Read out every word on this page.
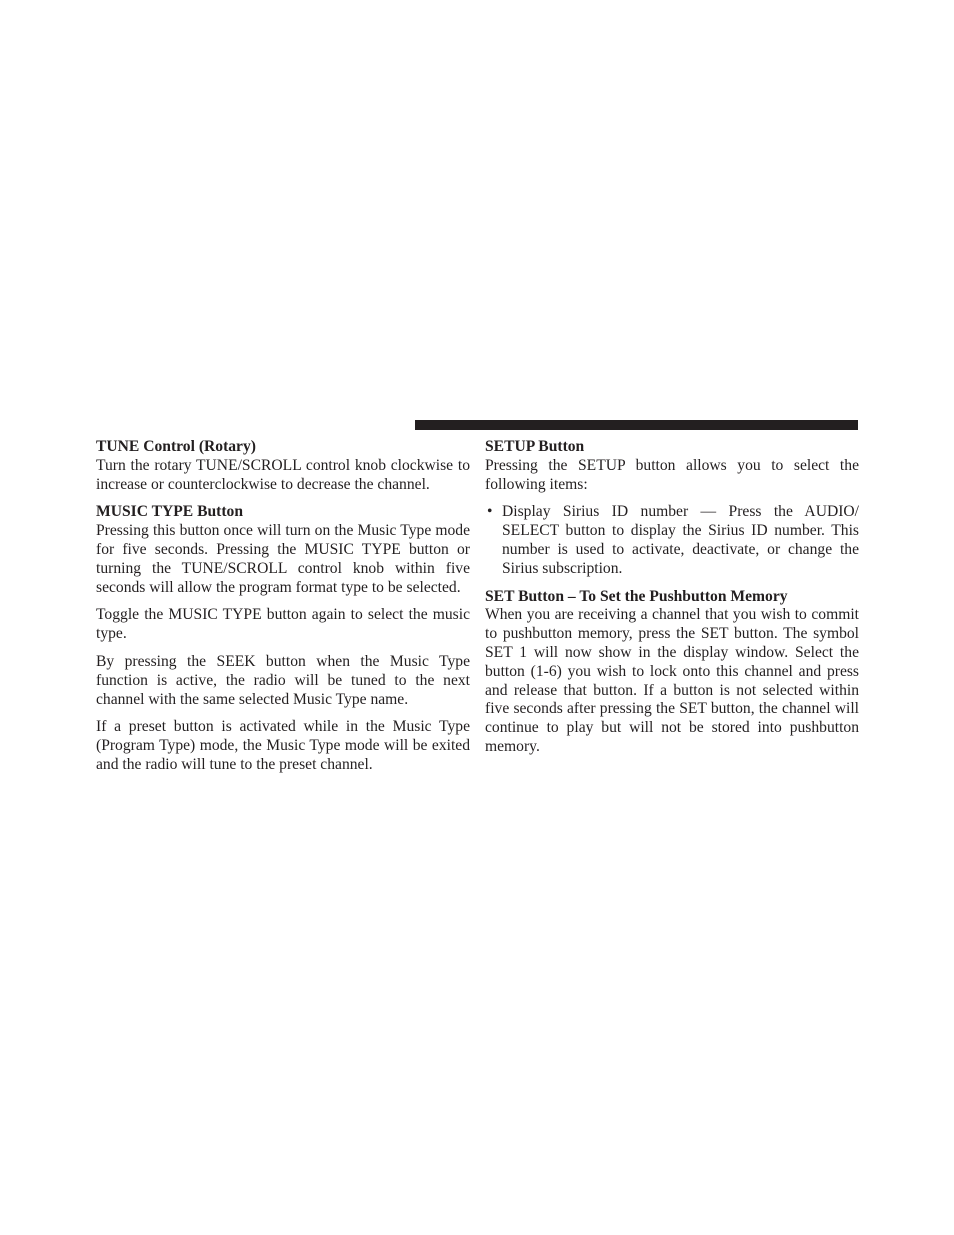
TUNE Control (Rotary)

Turn the rotary TUNE/SCROLL control knob clockwise to increase or counterclockwise to decrease the channel.

MUSIC TYPE Button

Pressing this button once will turn on the Music Type mode for five seconds. Pressing the MUSIC TYPE button or turning the TUNE/SCROLL control knob within five seconds will allow the program format type to be selected.

Toggle the MUSIC TYPE button again to select the music type.

By pressing the SEEK button when the Music Type function is active, the radio will be tuned to the next channel with the same selected Music Type name.

If a preset button is activated while in the Music Type (Program Type) mode, the Music Type mode will be exited and the radio will tune to the preset channel.

SETUP Button

Pressing the SETUP button allows you to select the following items:

• Display Sirius ID number — Press the AUDIO/ SELECT button to display the Sirius ID number. This number is used to activate, deactivate, or change the Sirius subscription.
SET Button – To Set the Pushbutton Memory

When you are receiving a channel that you wish to commit to pushbutton memory, press the SET button. The symbol SET 1 will now show in the display window. Select the button (1-6) you wish to lock onto this channel and press and release that button. If a button is not selected within five seconds after pressing the SET button, the channel will continue to play but will not be stored into pushbutton memory.
